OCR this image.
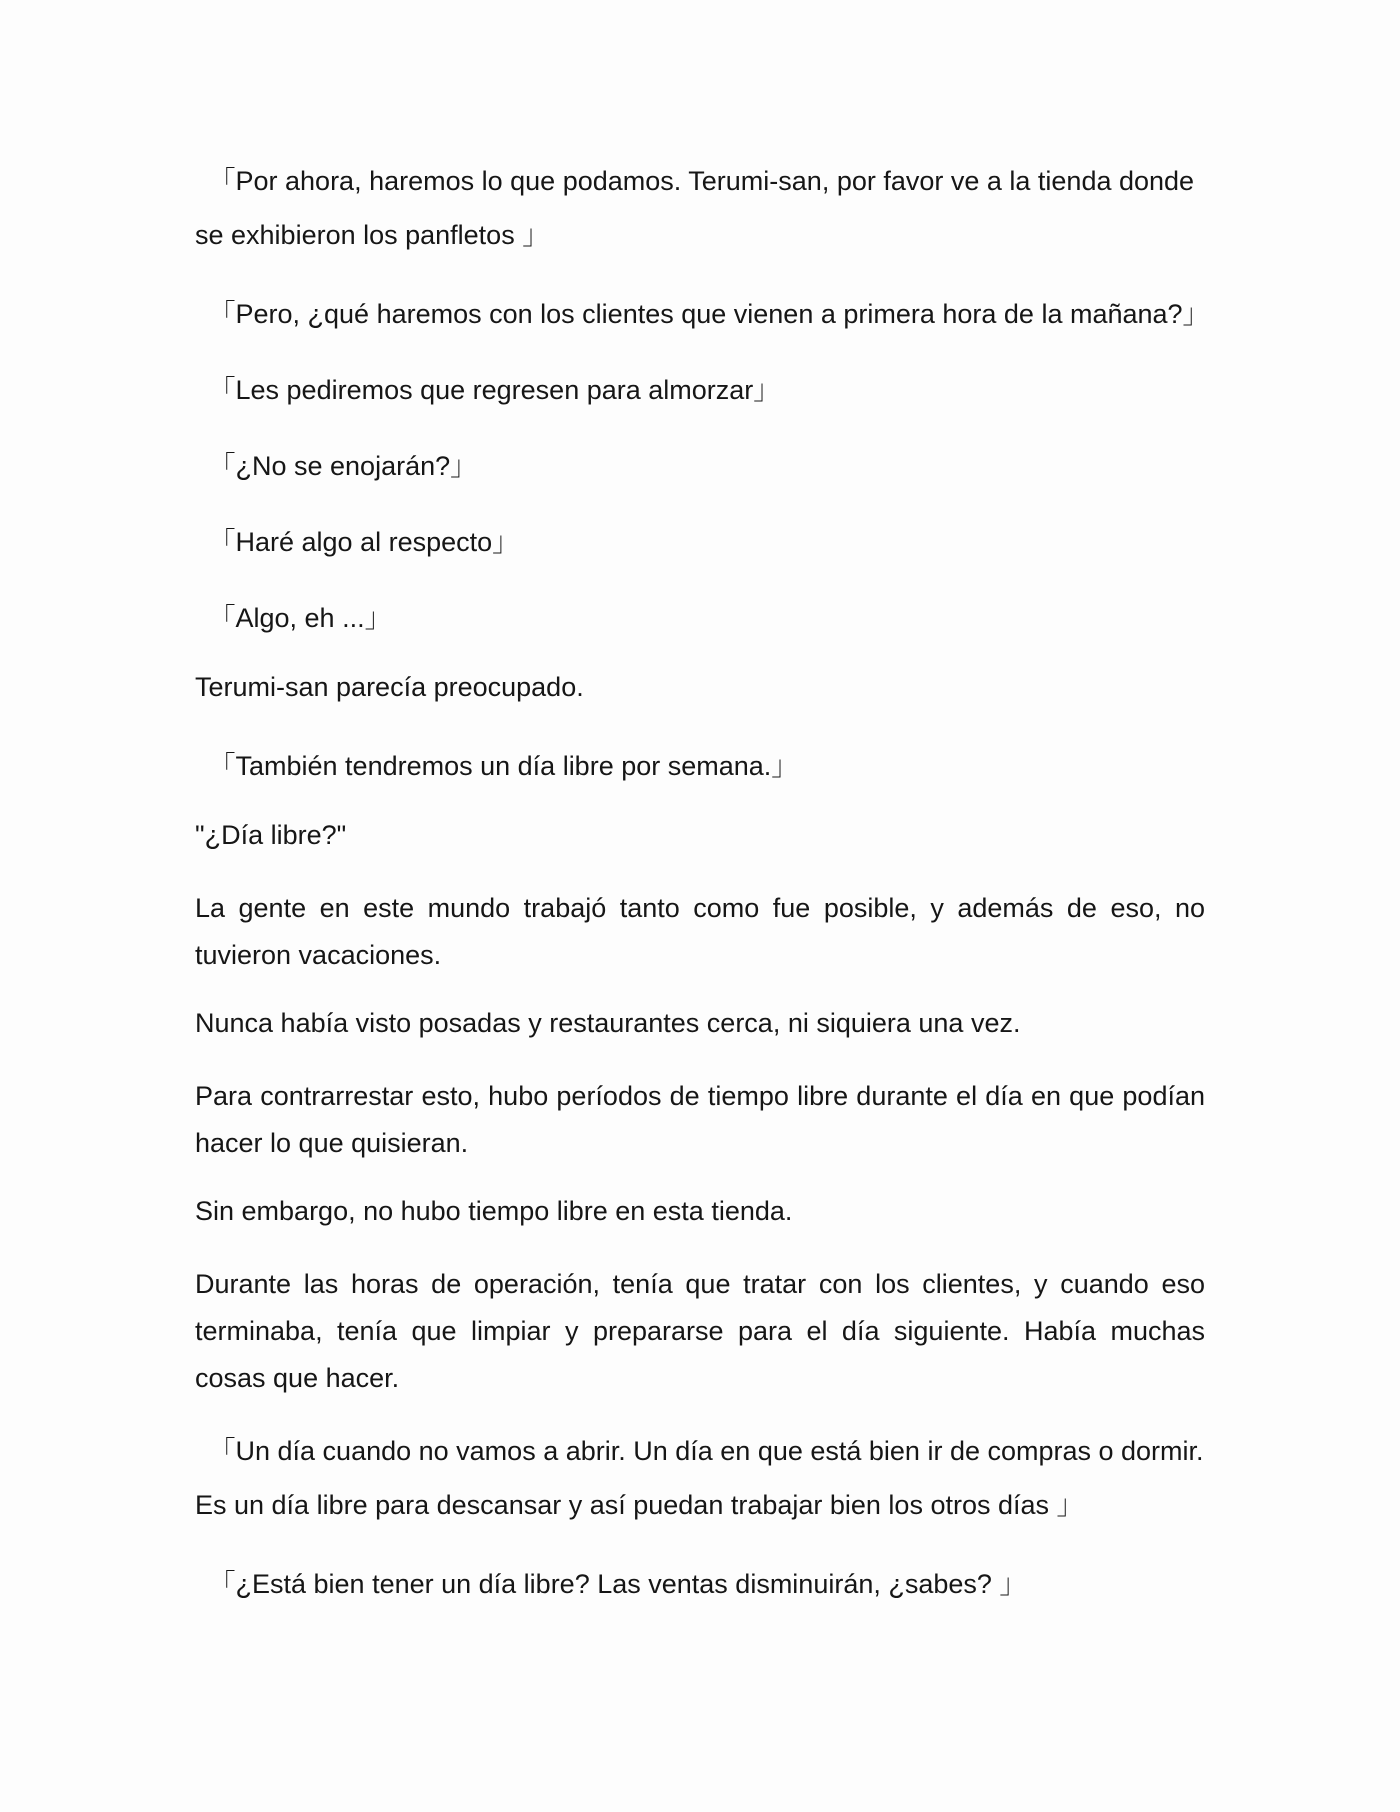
　「Por ahora, haremos lo que podamos. Terumi-san, por favor ve a la tienda donde
se exhibieron los panfletos 」

　「Pero, ¿qué haremos con los clientes que vienen a primera hora de la mañana?」

　「Les pediremos que regresen para almorzar」

　「¿No se enojarán?」

　「Haré algo al respecto」

　「Algo, eh ...」

Terumi-san parecía preocupado.

　「También tendremos un día libre por semana.」

"¿Día libre?"

La gente en este mundo trabajó tanto como fue posible, y además de eso, no tuvieron vacaciones.

Nunca había visto posadas y restaurantes cerca, ni siquiera una vez.

Para contrarrestar esto, hubo períodos de tiempo libre durante el día en que podían hacer lo que quisieran.

Sin embargo, no hubo tiempo libre en esta tienda.

Durante las horas de operación, tenía que tratar con los clientes, y cuando eso terminaba, tenía que limpiar y prepararse para el día siguiente. Había muchas cosas que hacer.

　「Un día cuando no vamos a abrir. Un día en que está bien ir de compras o dormir.
Es un día libre para descansar y así puedan trabajar bien los otros días 」

　「¿Está bien tener un día libre? Las ventas disminuirán, ¿sabes? 」
